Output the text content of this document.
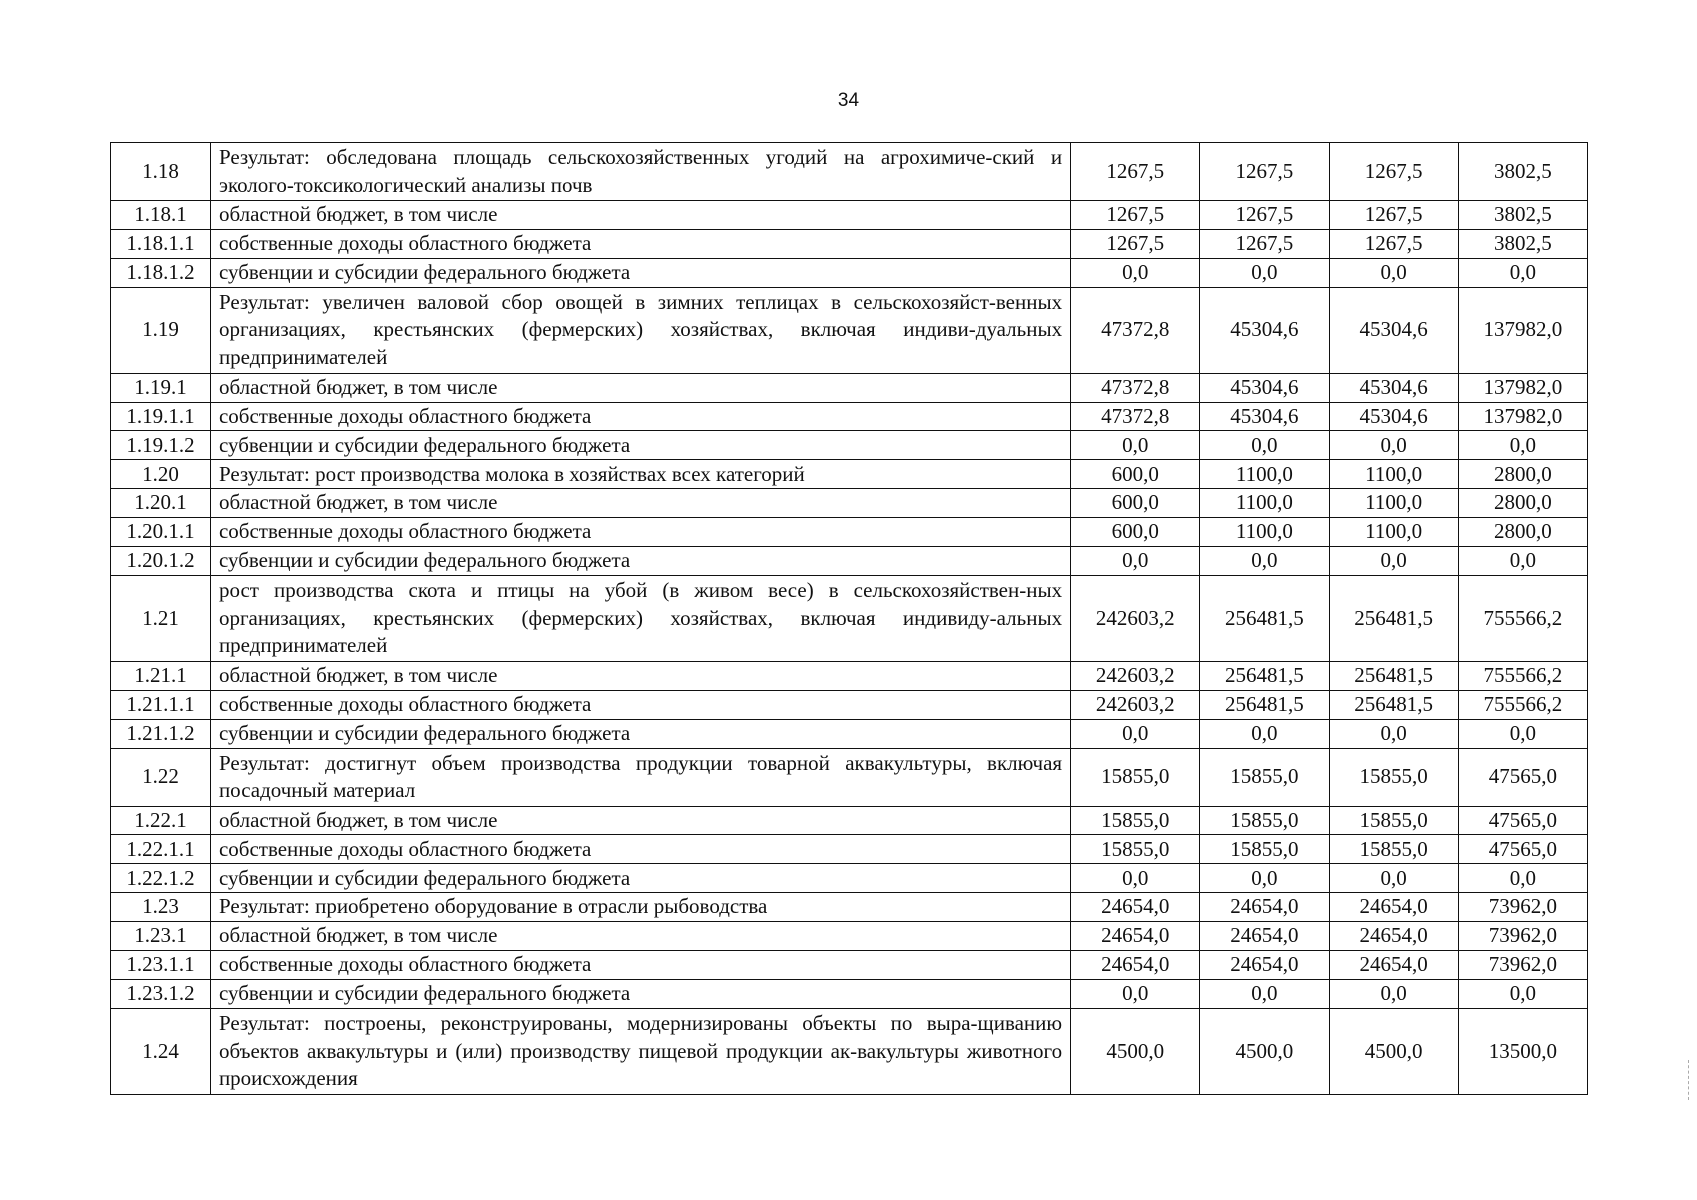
34
1.18	Результат: обследована площадь сельскохозяйственных угодий на агрохимиче-ский и эколого-токсикологический анализы почв	1267,5	1267,5	1267,5	3802,5
1.18.1	областной бюджет, в том числе	1267,5	1267,5	1267,5	3802,5
1.18.1.1	собственные доходы областного бюджета	1267,5	1267,5	1267,5	3802,5
1.18.1.2	субвенции и субсидии федерального бюджета	0,0	0,0	0,0	0,0
1.19	Результат: увеличен валовой сбор овощей в зимних теплицах в сельскохозяйст-венных организациях, крестьянских (фермерских) хозяйствах, включая индиви-дуальных предпринимателей	47372,8	45304,6	45304,6	137982,0
1.19.1	областной бюджет, в том числе	47372,8	45304,6	45304,6	137982,0
1.19.1.1	собственные доходы областного бюджета	47372,8	45304,6	45304,6	137982,0
1.19.1.2	субвенции и субсидии федерального бюджета	0,0	0,0	0,0	0,0
1.20	Результат: рост производства молока в хозяйствах всех категорий	600,0	1100,0	1100,0	2800,0
1.20.1	областной бюджет, в том числе	600,0	1100,0	1100,0	2800,0
1.20.1.1	собственные доходы областного бюджета	600,0	1100,0	1100,0	2800,0
1.20.1.2	субвенции и субсидии федерального бюджета	0,0	0,0	0,0	0,0
1.21	рост производства скота и птицы на убой (в живом весе) в сельскохозяйствен-ных организациях, крестьянских (фермерских) хозяйствах, включая индивиду-альных предпринимателей	242603,2	256481,5	256481,5	755566,2
1.21.1	областной бюджет, в том числе	242603,2	256481,5	256481,5	755566,2
1.21.1.1	собственные доходы областного бюджета	242603,2	256481,5	256481,5	755566,2
1.21.1.2	субвенции и субсидии федерального бюджета	0,0	0,0	0,0	0,0
1.22	Результат: достигнут объем производства продукции товарной аквакультуры, включая посадочный материал	15855,0	15855,0	15855,0	47565,0
1.22.1	областной бюджет, в том числе	15855,0	15855,0	15855,0	47565,0
1.22.1.1	собственные доходы областного бюджета	15855,0	15855,0	15855,0	47565,0
1.22.1.2	субвенции и субсидии федерального бюджета	0,0	0,0	0,0	0,0
1.23	Результат: приобретено оборудование в отрасли рыбоводства	24654,0	24654,0	24654,0	73962,0
1.23.1	областной бюджет, в том числе	24654,0	24654,0	24654,0	73962,0
1.23.1.1	собственные доходы областного бюджета	24654,0	24654,0	24654,0	73962,0
1.23.1.2	субвенции и субсидии федерального бюджета	0,0	0,0	0,0	0,0
1.24	Результат: построены, реконструированы, модернизированы объекты по выра-щиванию объектов аквакультуры и (или) производству пищевой продукции ак-вакультуры животного происхождения	4500,0	4500,0	4500,0	13500,0
